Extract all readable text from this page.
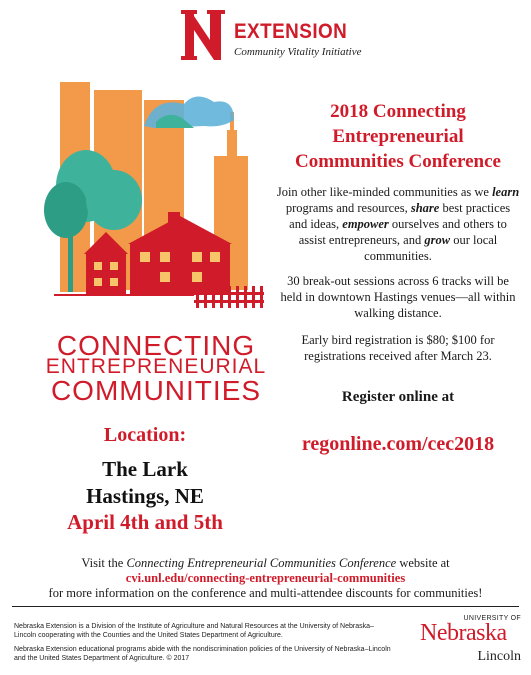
EXTENSION
Community Vitality Initiative
CONNECTING
ENTREPRENEURIAL
COMMUNITIES
2018 Connecting
Entrepreneurial
Communities Conference
Join other like-minded communities as we learn programs and resources, share best practices and ideas, empower ourselves and others to assist entrepreneurs, and grow our local communities.
30 break-out sessions across 6 tracks will be held in downtown Hastings venues—all within walking distance.
Early bird registration is $80; $100 for registrations received after March 23.
Register online at
regonline.com/cec2018
Location:
The Lark
Hastings, NE
April 4th and 5th
Visit the Connecting Entrepreneurial Communities Conference website at
cvi.unl.edu/connecting-entrepreneurial-communities
for more information on the conference and multi-attendee discounts for communities!
Nebraska Extension is a Division of the Institute of Agriculture and Natural Resources at the University of Nebraska–Lincoln cooperating with the Counties and the United States Department of Agriculture.
Nebraska Extension educational programs abide with the nondiscrimination policies of the University of Nebraska–Lincoln and the United States Department of Agriculture. © 2017
UNIVERSITY OF
Nebraska
Lincoln
